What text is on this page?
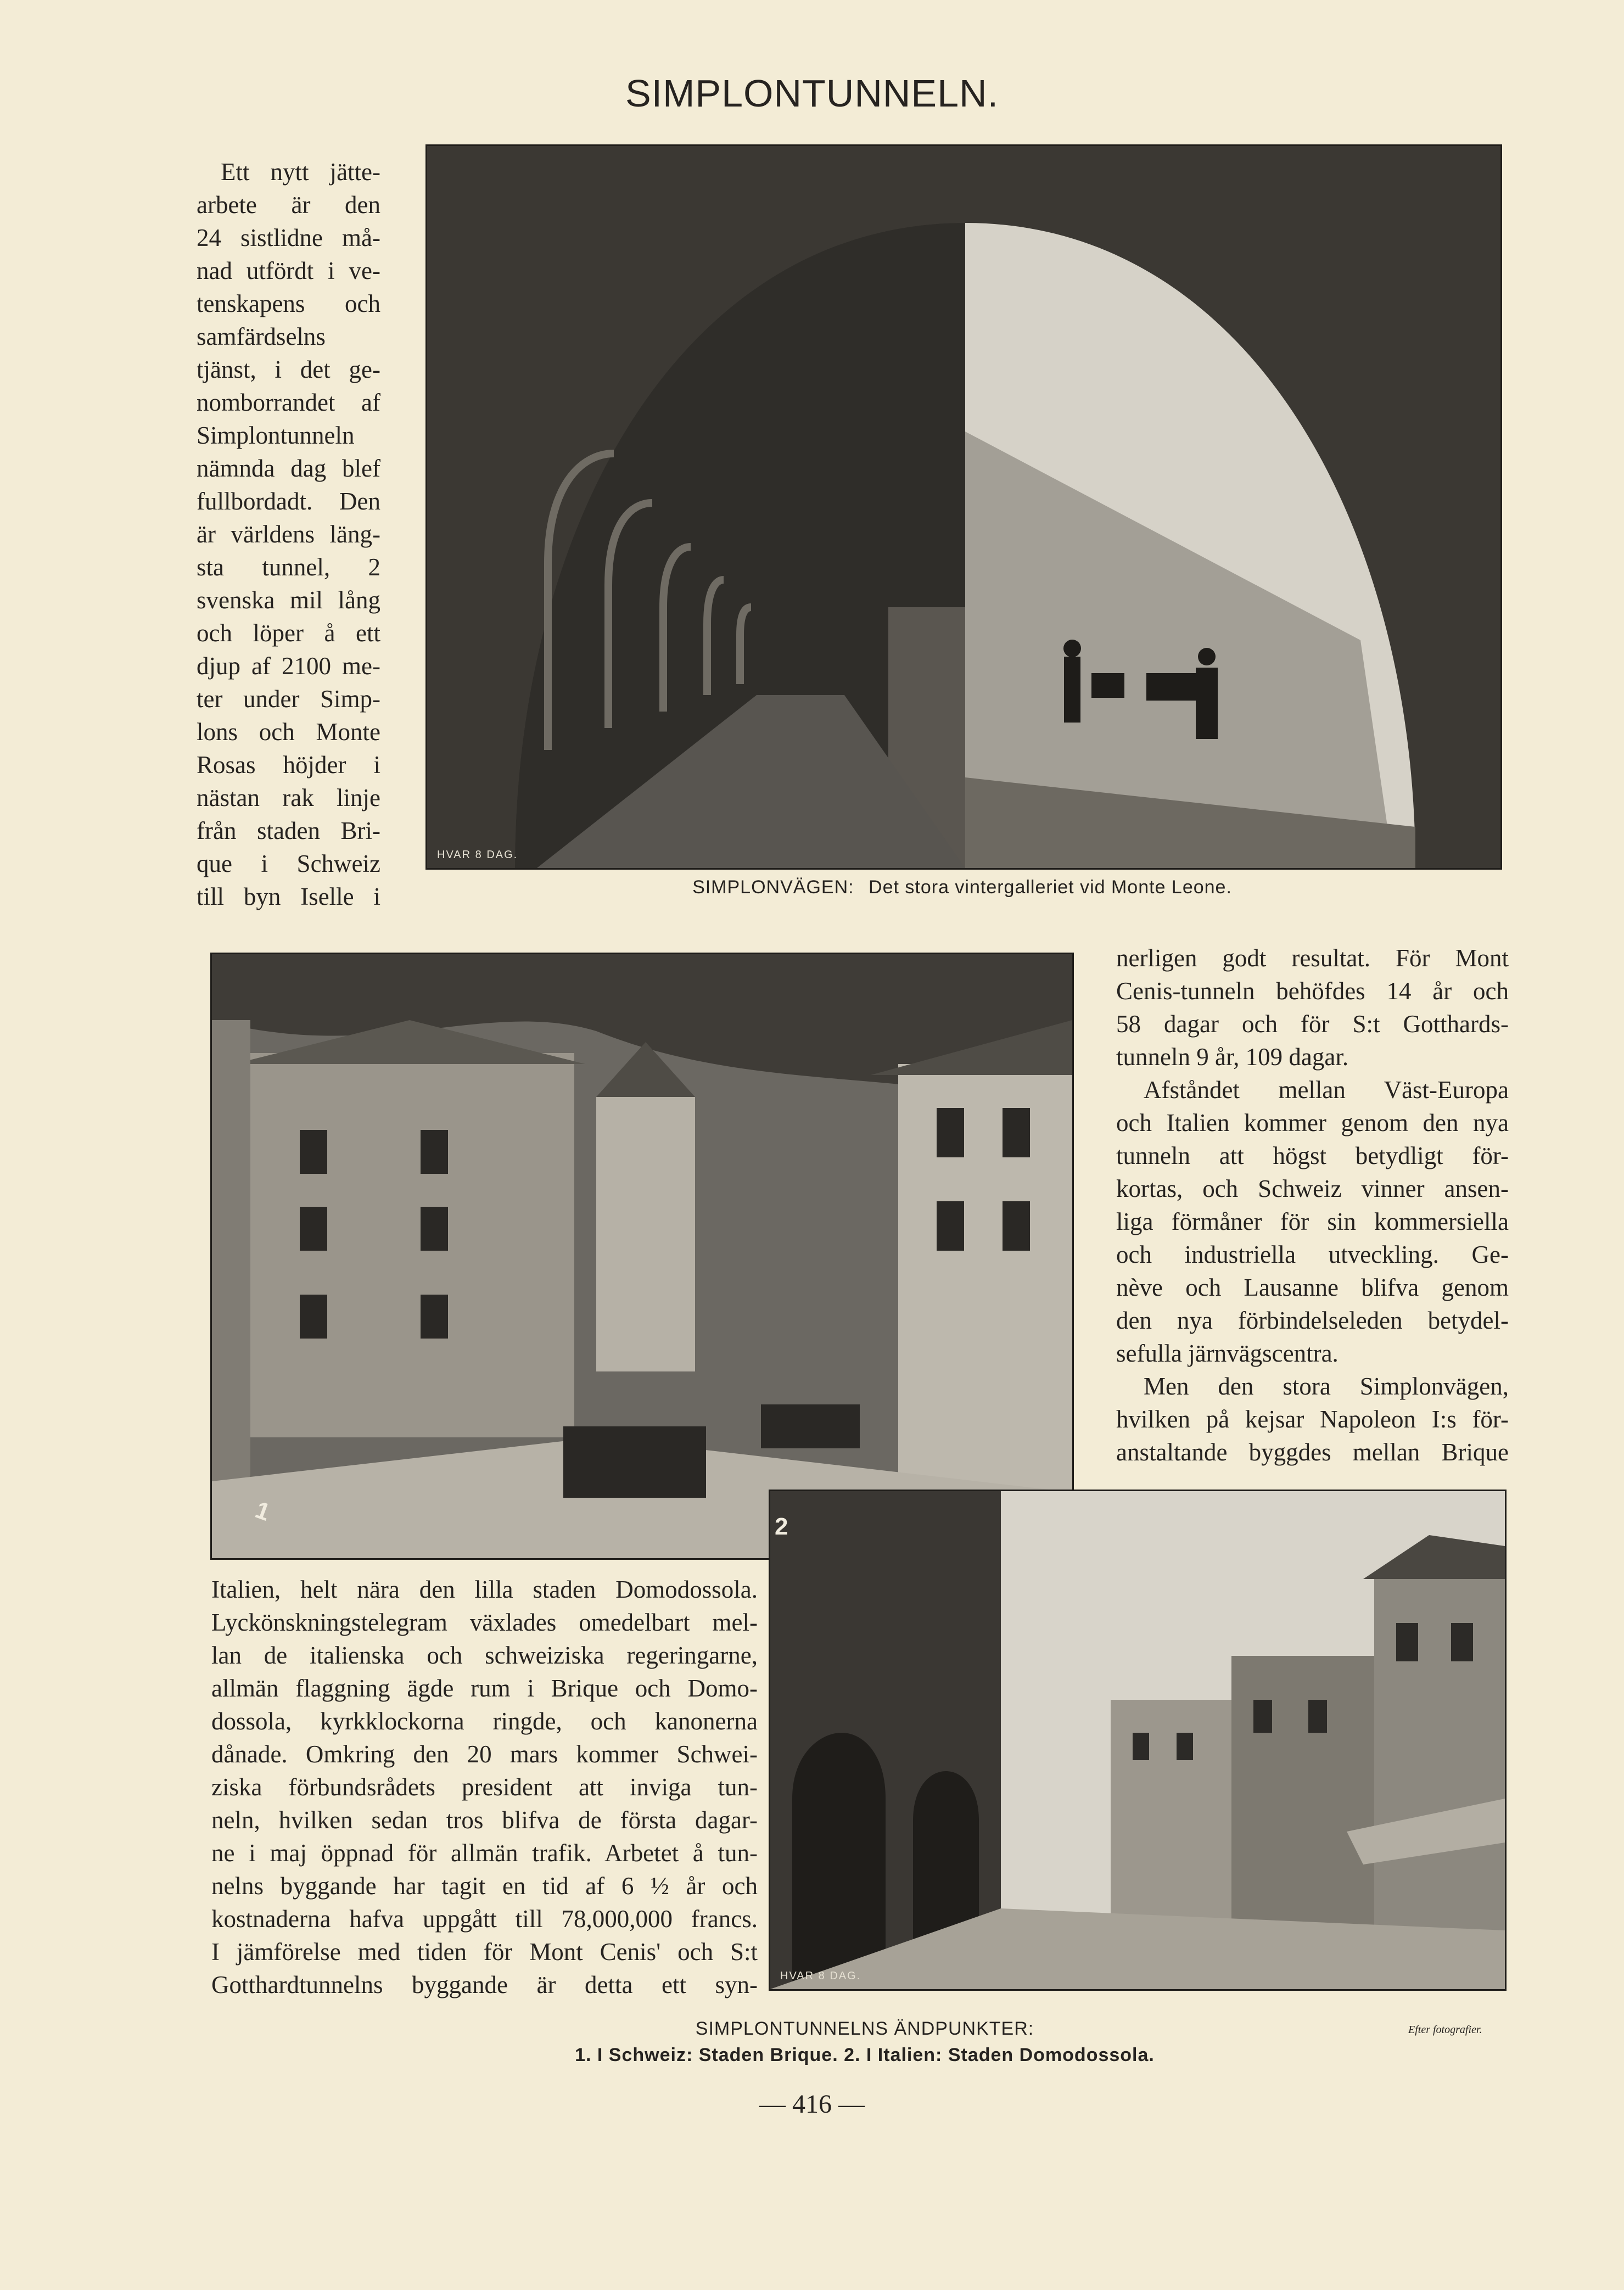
SIMPLONTUNNELN.

Ett nytt jätte-

arbete är den

24 sistlidne må-

nad utfördt i ve-

tenskapens och

samfärdselns

tjänst, i det ge-

nomborrandet af

Simplontunneln

nämnda dag blef

fullbordadt. Den

är världens läng-

sta tunnel, 2

svenska mil lång

och löper å ett

djup af 2100 me-

ter under Simp-

lons och Monte

Rosas höjder i

nästan rak linje

från staden Bri-

que i Schweiz

till byn Iselle i

HVAR 8 DAG.
SIMPLONVÄGEN: Det stora vintergalleriet vid Monte Leone.
1

nerligen godt resultat. För Mont

Cenis-tunneln behöfdes 14 år och

58 dagar och för S:t Gotthards-

tunneln 9 år, 109 dagar.

Afståndet mellan Väst-Europa

och Italien kommer genom den nya

tunneln att högst betydligt för-

kortas, och Schweiz vinner ansen-

liga förmåner för sin kommersiella

och industriella utveckling. Ge-

nève och Lausanne blifva genom

den nya förbindelseleden betydel-

sefulla järnvägscentra.

Men den stora Simplonvägen,

hvilken på kejsar Napoleon I:s för-

anstaltande byggdes mellan Brique

2
HVAR 8 DAG.

Italien, helt nära den lilla staden Domodossola.

Lyckönskningstelegram växlades omedelbart mel-

lan de italienska och schweiziska regeringarne,

allmän flaggning ägde rum i Brique och Domo-

dossola, kyrkklockorna ringde, och kanonerna

dånade. Omkring den 20 mars kommer Schwei-

ziska förbundsrådets president att inviga tun-

neln, hvilken sedan tros blifva de första dagar-

ne i maj öppnad för allmän trafik. Arbetet å tun-

nelns byggande har tagit en tid af 6 ½ år och

kostnaderna hafva uppgått till 78,000,000 francs.

I jämförelse med tiden för Mont Cenis' och S:t

Gotthardtunnelns byggande är detta ett syn-

SIMPLONTUNNELNS ÄNDPUNKTER:
1. I Schweiz: Staden Brique. 2. I Italien: Staden Domodossola.
Efter fotografier.
— 416 —
